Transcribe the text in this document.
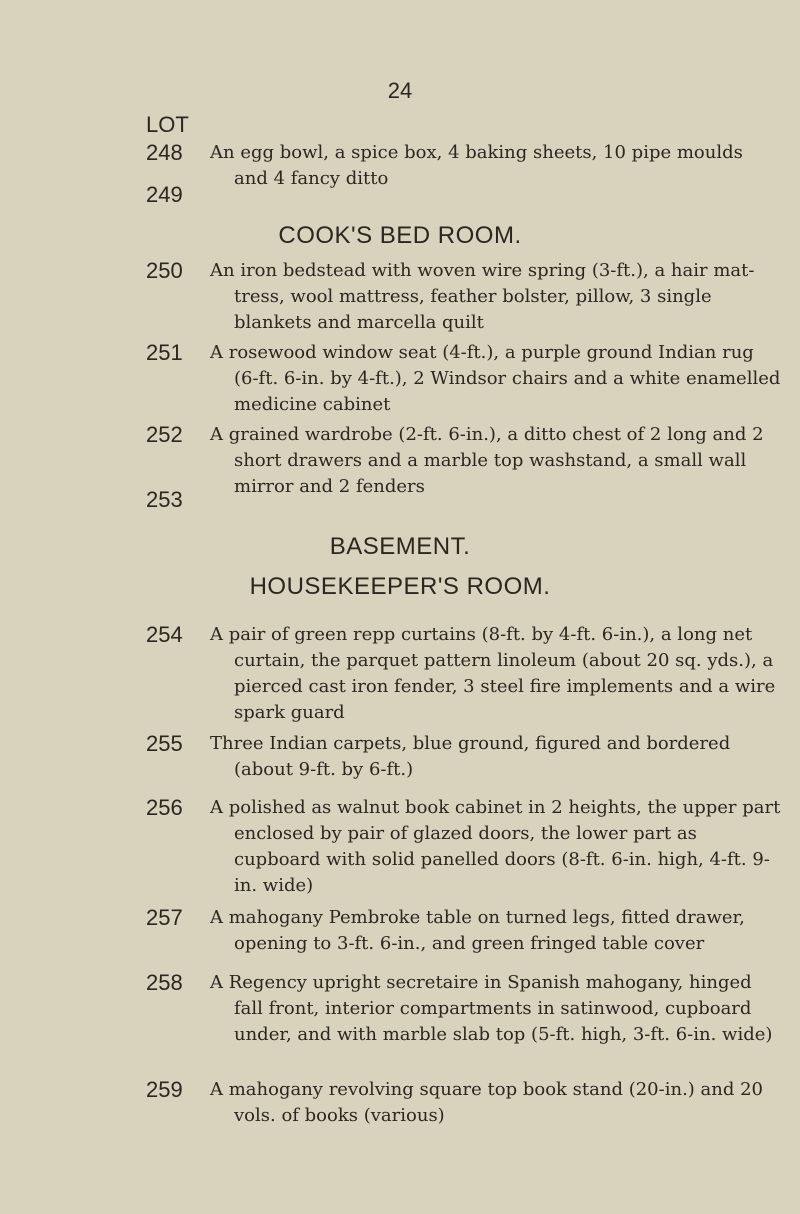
24
LOT
248 An egg bowl, a spice box, 4 baking sheets, 10 pipe moulds and 4 fancy ditto
249
COOK'S BED ROOM.
250 An iron bedstead with woven wire spring (3-ft.), a hair mat-tress, wool mattress, feather bolster, pillow, 3 single blankets and marcella quilt
251 A rosewood window seat (4-ft.), a purple ground Indian rug (6-ft. 6-in. by 4-ft.), 2 Windsor chairs and a white enamelled medicine cabinet
252 A grained wardrobe (2-ft. 6-in.), a ditto chest of 2 long and 2 short drawers and a marble top washstand, a small wall mirror and 2 fenders
253
BASEMENT.
HOUSEKEEPER'S ROOM.
254 A pair of green repp curtains (8-ft. by 4-ft. 6-in.), a long net curtain, the parquet pattern linoleum (about 20 sq. yds.), a pierced cast iron fender, 3 steel fire implements and a wire spark guard
255 Three Indian carpets, blue ground, figured and bordered (about 9-ft. by 6-ft.)
256 A polished as walnut book cabinet in 2 heights, the upper part enclosed by pair of glazed doors, the lower part as cupboard with solid panelled doors (8-ft. 6-in. high, 4-ft. 9-in. wide)
257 A mahogany Pembroke table on turned legs, fitted drawer, opening to 3-ft. 6-in., and green fringed table cover
258 A Regency upright secretaire in Spanish mahogany, hinged fall front, interior compartments in satinwood, cupboard under, and with marble slab top (5-ft. high, 3-ft. 6-in. wide)
259 A mahogany revolving square top book stand (20-in.) and 20 vols. of books (various)
